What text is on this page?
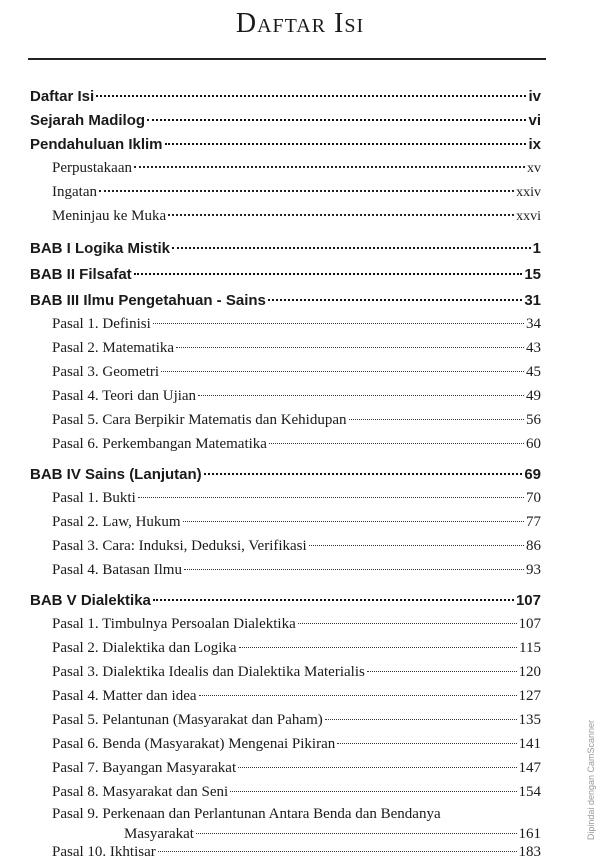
Daftar Isi
Daftar Isi	iv
Sejarah Madilog	vi
Pendahuluan Iklim	ix
Perpustakaan	xv
Ingatan	xxiv
Meninjau ke Muka	xxvi
BAB I Logika Mistik	1
BAB II Filsafat	15
BAB III Ilmu Pengetahuan - Sains	31
Pasal 1. Definisi	34
Pasal 2. Matematika	43
Pasal 3. Geometri	45
Pasal 4. Teori dan Ujian	49
Pasal 5. Cara Berpikir Matematis dan Kehidupan	56
Pasal 6. Perkembangan Matematika	60
BAB IV Sains (Lanjutan)	69
Pasal 1. Bukti	70
Pasal 2. Law, Hukum	77
Pasal 3. Cara: Induksi, Deduksi, Verifikasi	86
Pasal 4. Batasan Ilmu	93
BAB V Dialektika	107
Pasal 1. Timbulnya Persoalan Dialektika	107
Pasal 2. Dialektika dan Logika	115
Pasal 3. Dialektika Idealis dan Dialektika Materialis	120
Pasal 4. Matter dan idea	127
Pasal 5. Pelantunan (Masyarakat dan Paham)	135
Pasal 6. Benda (Masyarakat) Mengenai Pikiran	141
Pasal 7. Bayangan Masyarakat	147
Pasal 8. Masyarakat dan Seni	154
Pasal 9. Perkenaan dan Perlantunan Antara Benda dan Bendanya
Masyarakat	161
Pasal 10. Ikhtisar	183
Dipindai dengan CamScanner
